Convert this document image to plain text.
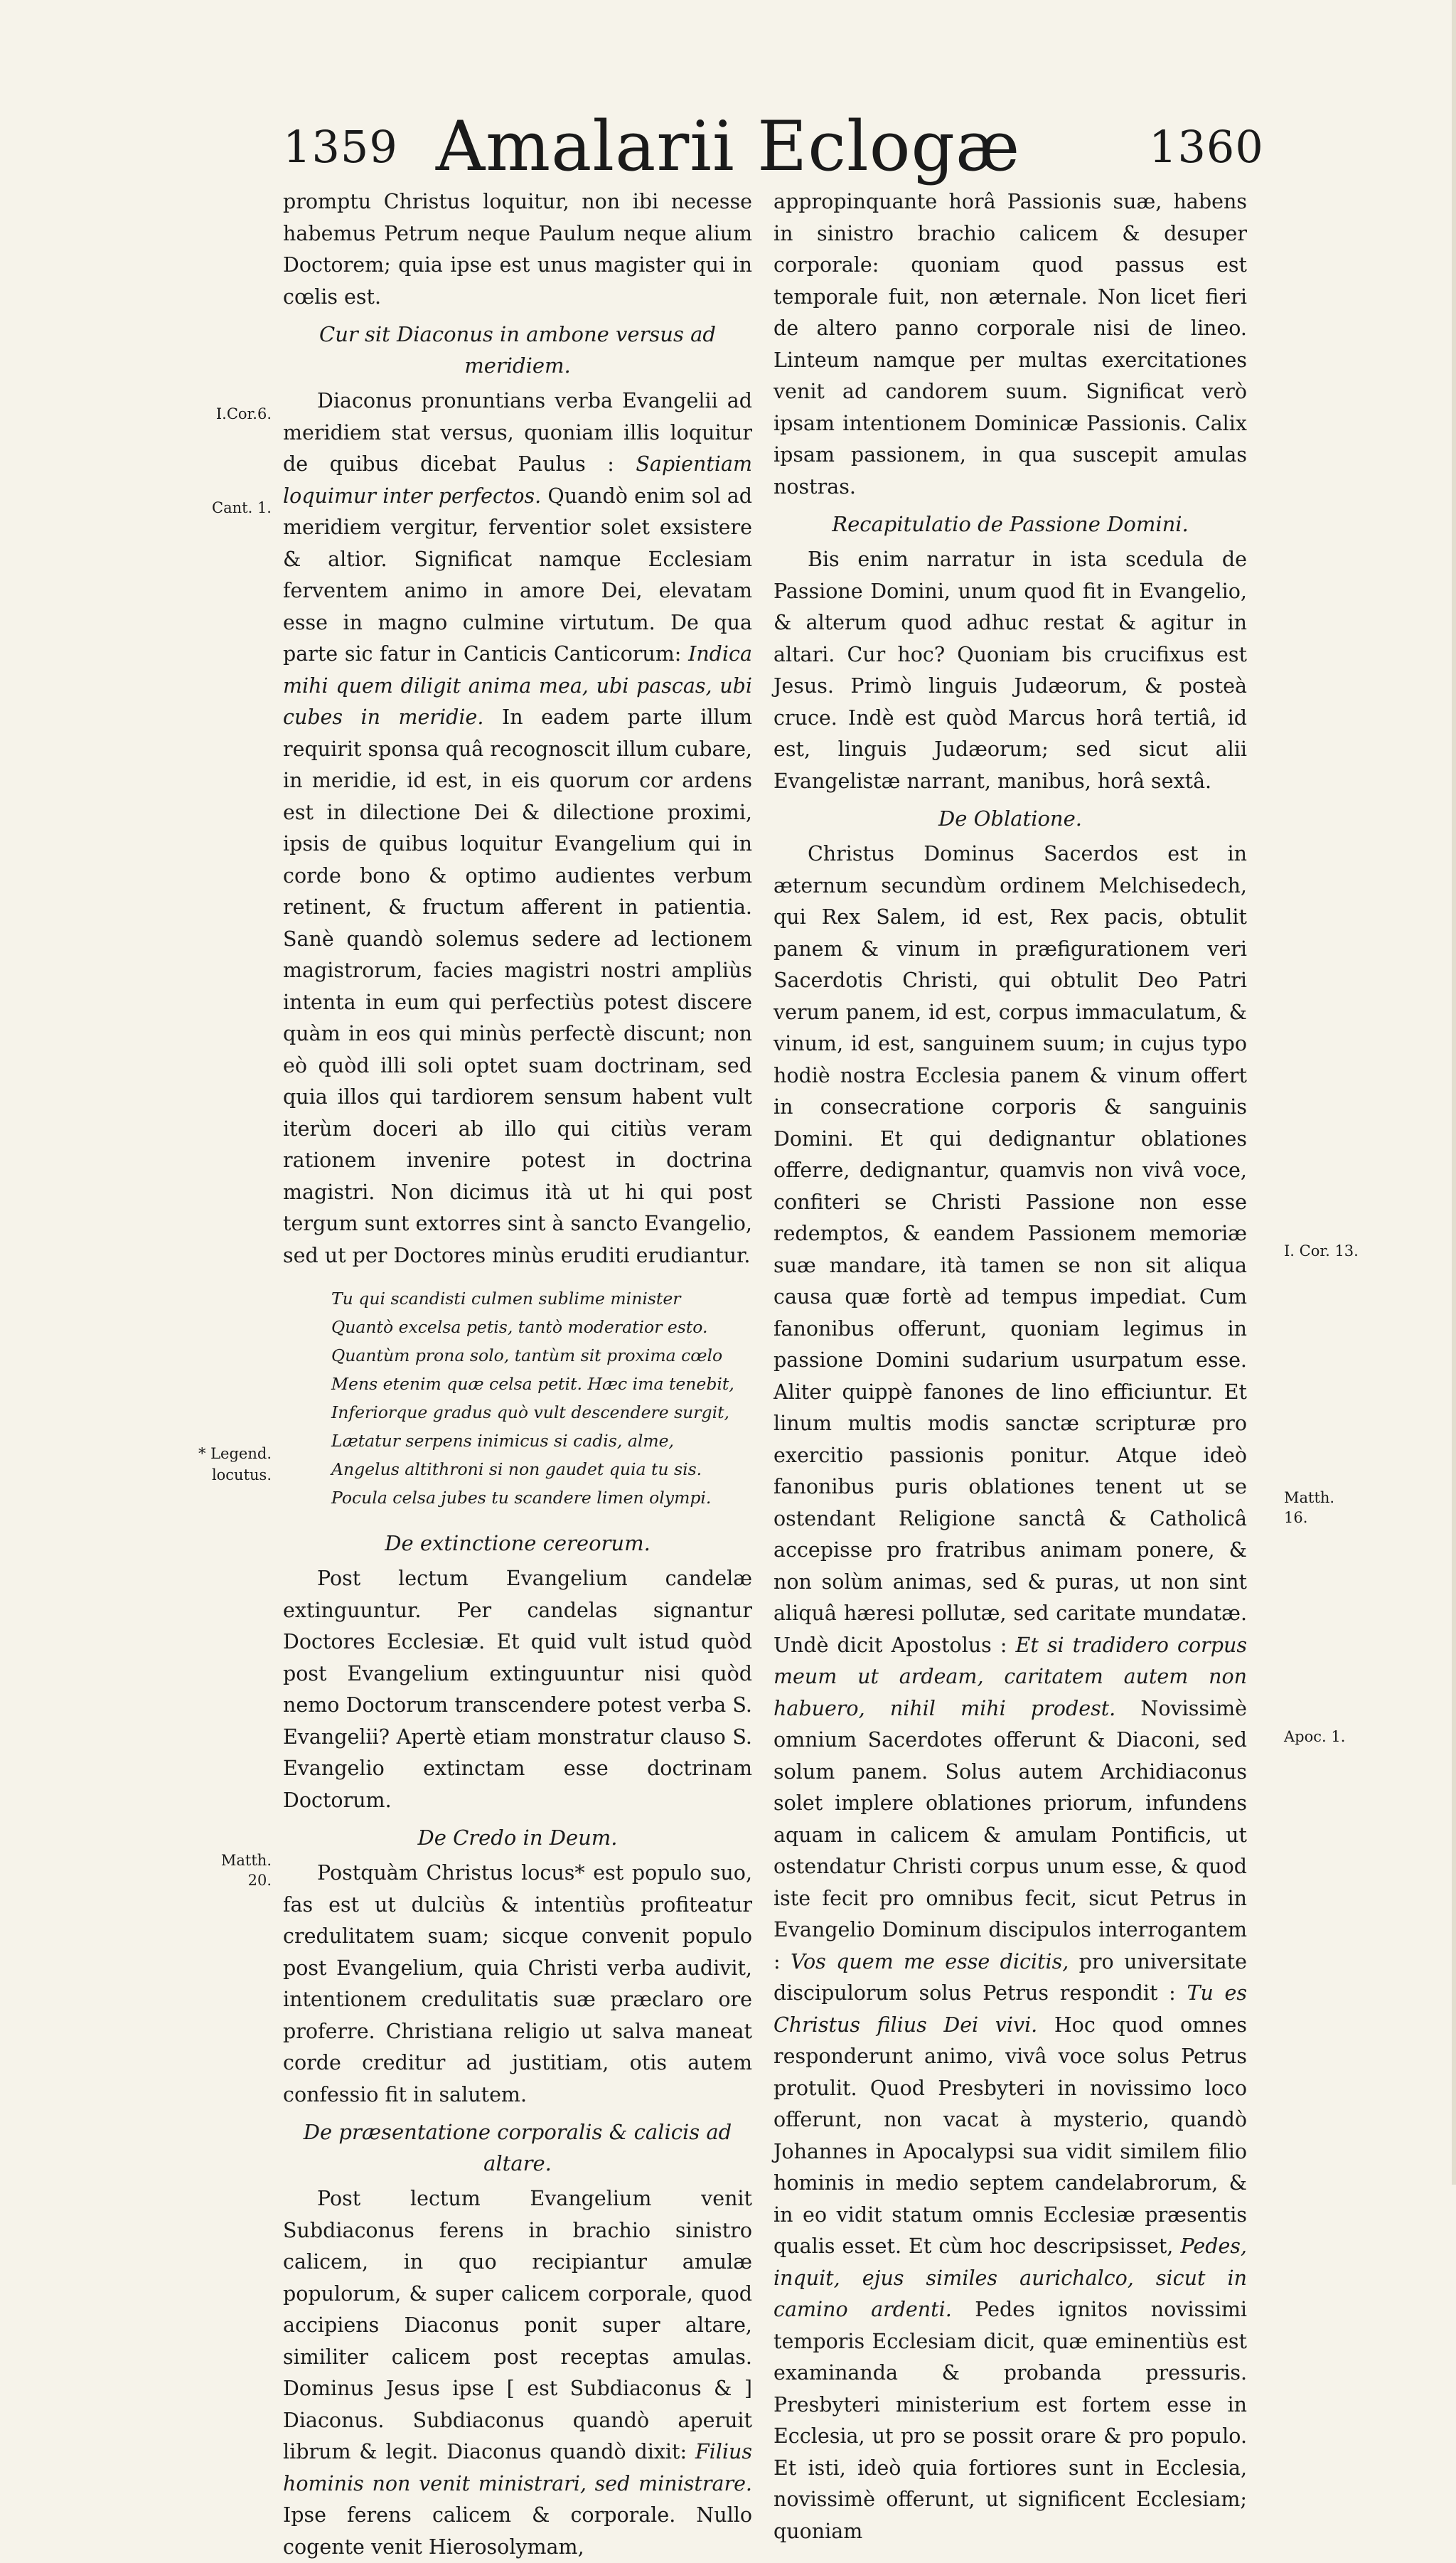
1359 Amalarii Eclogæ	1360

promptu Christus loquitur, non ibi necesse habemus Petrum neque Paulum neque alium Doctorem; quia ipse est unus magister qui in cœlis est.

Cur sit Diaconus in ambone versus ad meridiem.

Diaconus pronuntians verba Evangelii ad meridiem stat versus, quoniam illis loquitur de quibus dicebat Paulus : Sapientiam loquimur inter perfectos. Quandò enim sol ad meridiem vergitur, ferventior solet exsistere & altior. Significat namque Ecclesiam ferventem animo in amore Dei, elevatam esse in magno culmine virtutum. De qua parte sic fatur in Canticis Canticorum: Indica mihi quem diligit anima mea, ubi pascas, ubi cubes in meridie. In eadem parte illum requirit sponsa quâ recognoscit illum cubare, in meridie, id est, in eis quorum cor ardens est in dilectione Dei & dilectione proximi, ipsis de quibus loquitur Evangelium qui in corde bono & optimo audientes verbum retinent, & fructum afferent in patientia. Sanè quandò solemus sedere ad lectionem magistrorum, facies magistri nostri ampliùs intenta in eum qui perfectiùs potest discere quàm in eos qui minùs perfectè discunt; non eò quòd illi soli optet suam doctrinam, sed quia illos qui tardiorem sensum habent vult iterùm doceri ab illo qui citiùs veram rationem invenire potest in doctrina magistri. Non dicimus ità ut hi qui post tergum sunt extorres sint à sancto Evangelio, sed ut per Doctores minùs eruditi erudiantur.

Tu qui scandisti culmen sublime minister
Quantò excelsa petis, tantò moderatior esto.
Quantùm prona solo, tantùm sit proxima cœlo
Mens etenim quæ celsa petit. Hæc ima tenebit,
Inferiorque gradus quò vult descendere surgit,
Lætatur serpens inimicus si cadis, alme,
Angelus altithroni si non gaudet quia tu sis.
Pocula celsa jubes tu scandere limen olympi.
De extinctione cereorum.

Post lectum Evangelium candelæ extinguuntur. Per candelas signantur Doctores Ecclesiæ. Et quid vult istud quòd post Evangelium extinguuntur nisi quòd nemo Doctorum transcendere potest verba S. Evangelii? Apertè etiam monstratur clauso S. Evangelio extinctam esse doctrinam Doctorum.

De Credo in Deum.

Postquàm Christus locus* est populo suo, fas est ut dulciùs & intentiùs profiteatur credulitatem suam; sicque convenit populo post Evangelium, quia Christi verba audivit, intentionem credulitatis suæ præclaro ore proferre. Christiana religio ut salva maneat corde creditur ad justitiam, otis autem confessio fit in salutem.

De præsentatione corporalis & calicis ad altare.

Post lectum Evangelium venit Subdiaconus ferens in brachio sinistro calicem, in quo recipiantur amulæ populorum, & super calicem corporale, quod accipiens Diaconus ponit super altare, similiter calicem post receptas amulas. Dominus Jesus ipse [ est Subdiaconus & ] Diaconus. Subdiaconus quandò aperuit librum & legit. Diaconus quandò dixit: Filius hominis non venit ministrari, sed ministrare. Ipse ferens calicem & corporale. Nullo cogente venit Hierosolymam,

appropinquante horâ Passionis suæ, habens in sinistro brachio calicem & desuper corporale: quoniam quod passus est temporale fuit, non æternale. Non licet fieri de altero panno corporale nisi de lineo. Linteum namque per multas exercitationes venit ad candorem suum. Significat verò ipsam intentionem Dominicæ Passionis. Calix ipsam passionem, in qua suscepit amulas nostras.

Recapitulatio de Passione Domini.

Bis enim narratur in ista scedula de Passione Domini, unum quod fit in Evangelio, & alterum quod adhuc restat & agitur in altari. Cur hoc? Quoniam bis crucifixus est Jesus. Primò linguis Judæorum, & posteà cruce. Indè est quòd Marcus horâ tertiâ, id est, linguis Judæorum; sed sicut alii Evangelistæ narrant, manibus, horâ sextâ.

De Oblatione.

Christus Dominus Sacerdos est in æternum secundùm ordinem Melchisedech, qui Rex Salem, id est, Rex pacis, obtulit panem & vinum in præfigurationem veri Sacerdotis Christi, qui obtulit Deo Patri verum panem, id est, corpus immaculatum, & vinum, id est, sanguinem suum; in cujus typo hodiè nostra Ecclesia panem & vinum offert in consecratione corporis & sanguinis Domini. Et qui dedignantur oblationes offerre, dedignantur, quamvis non vivâ voce, confiteri se Christi Passione non esse redemptos, & eandem Passionem memoriæ suæ mandare, ità tamen se non sit aliqua causa quæ fortè ad tempus impediat. Cum fanonibus offerunt, quoniam legimus in passione Domini sudarium usurpatum esse. Aliter quippè fanones de lino efficiuntur. Et linum multis modis sanctæ scripturæ pro exercitio passionis ponitur. Atque ideò fanonibus puris oblationes tenent ut se ostendant Religione sanctâ & Catholicâ accepisse pro fratribus animam ponere, & non solùm animas, sed & puras, ut non sint aliquâ hæresi pollutæ, sed caritate mundatæ. Undè dicit Apostolus : Et si tradidero corpus meum ut ardeam, caritatem autem non habuero, nihil mihi prodest. Novissimè omnium Sacerdotes offerunt & Diaconi, sed solum panem. Solus autem Archidiaconus solet implere oblationes priorum, infundens aquam in calicem & amulam Pontificis, ut ostendatur Christi corpus unum esse, & quod iste fecit pro omnibus fecit, sicut Petrus in Evangelio Dominum discipulos interrogantem : Vos quem me esse dicitis, pro universitate discipulorum solus Petrus respondit : Tu es Christus filius Dei vivi. Hoc quod omnes responderunt animo, vivâ voce solus Petrus protulit. Quod Presbyteri in novissimo loco offerunt, non vacat à mysterio, quandò Johannes in Apocalypsi sua vidit similem filio hominis in medio septem candelabrorum, & in eo vidit statum omnis Ecclesiæ præsentis qualis esset. Et cùm hoc descripsisset, Pedes, inquit, ejus similes aurichalco, sicut in camino ardenti. Pedes ignitos novissimi temporis Ecclesiam dicit, quæ eminentiùs est examinanda & probanda pressuris. Presbyteri ministerium est fortem esse in Ecclesia, ut pro se possit orare & pro populo. Et isti, ideò quia fortiores sunt in Ecclesia, novissimè offerunt, ut significent Ecclesiam; quoniam

I.Cor.6.
Cant. 1.
* Legend.
locutus.
Matth. 20.
I. Cor. 13.
Matth. 16.
Apoc. 1.
